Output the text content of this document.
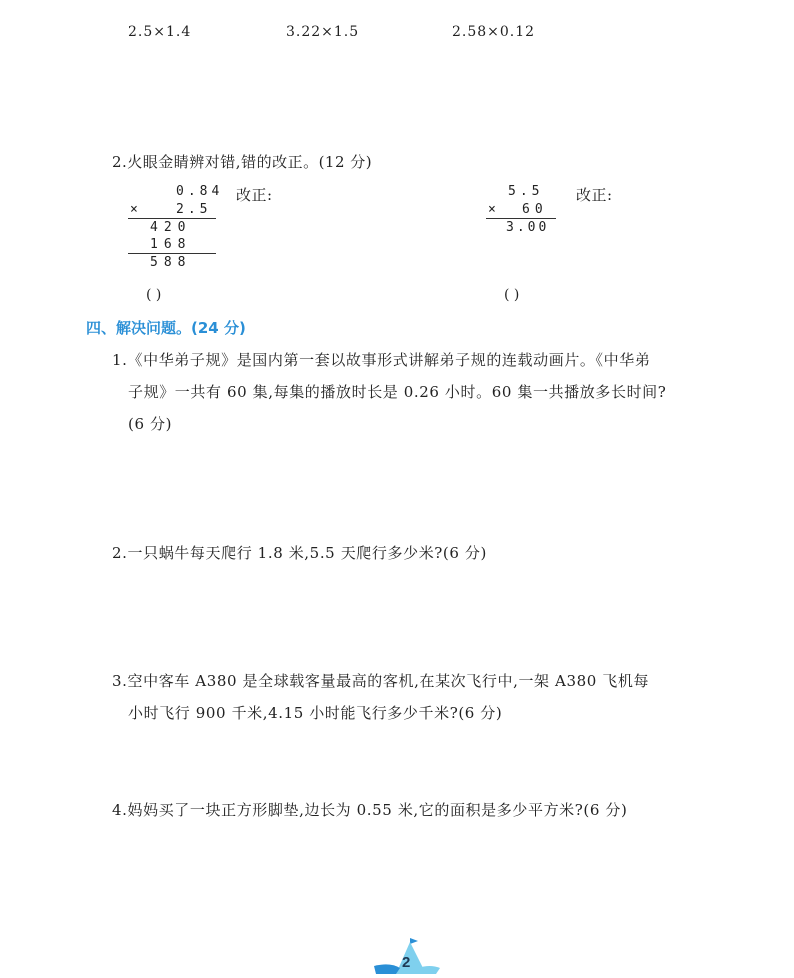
2.5×1.4	3.22×1.5	2.58×0.12
2.火眼金睛辨对错,错的改正。(12 分)
0.84
×	2.5
420
168
588
改正:
( )
5.5
× 60
3.00
改正:
( )
四、解决问题。(24 分)
1.《中华弟子规》是国内第一套以故事形式讲解弟子规的连载动画片。《中华弟
子规》一共有 60 集,每集的播放时长是 0.26 小时。60 集一共播放多长时间?
(6 分)
2.一只蜗牛每天爬行 1.8 米,5.5 天爬行多少米?(6 分)
3.空中客车 A380 是全球载客量最高的客机,在某次飞行中,一架 A380 飞机每
小时飞行 900 千米,4.15 小时能飞行多少千米?(6 分)
4.妈妈买了一块正方形脚垫,边长为 0.55 米,它的面积是多少平方米?(6 分)
2
